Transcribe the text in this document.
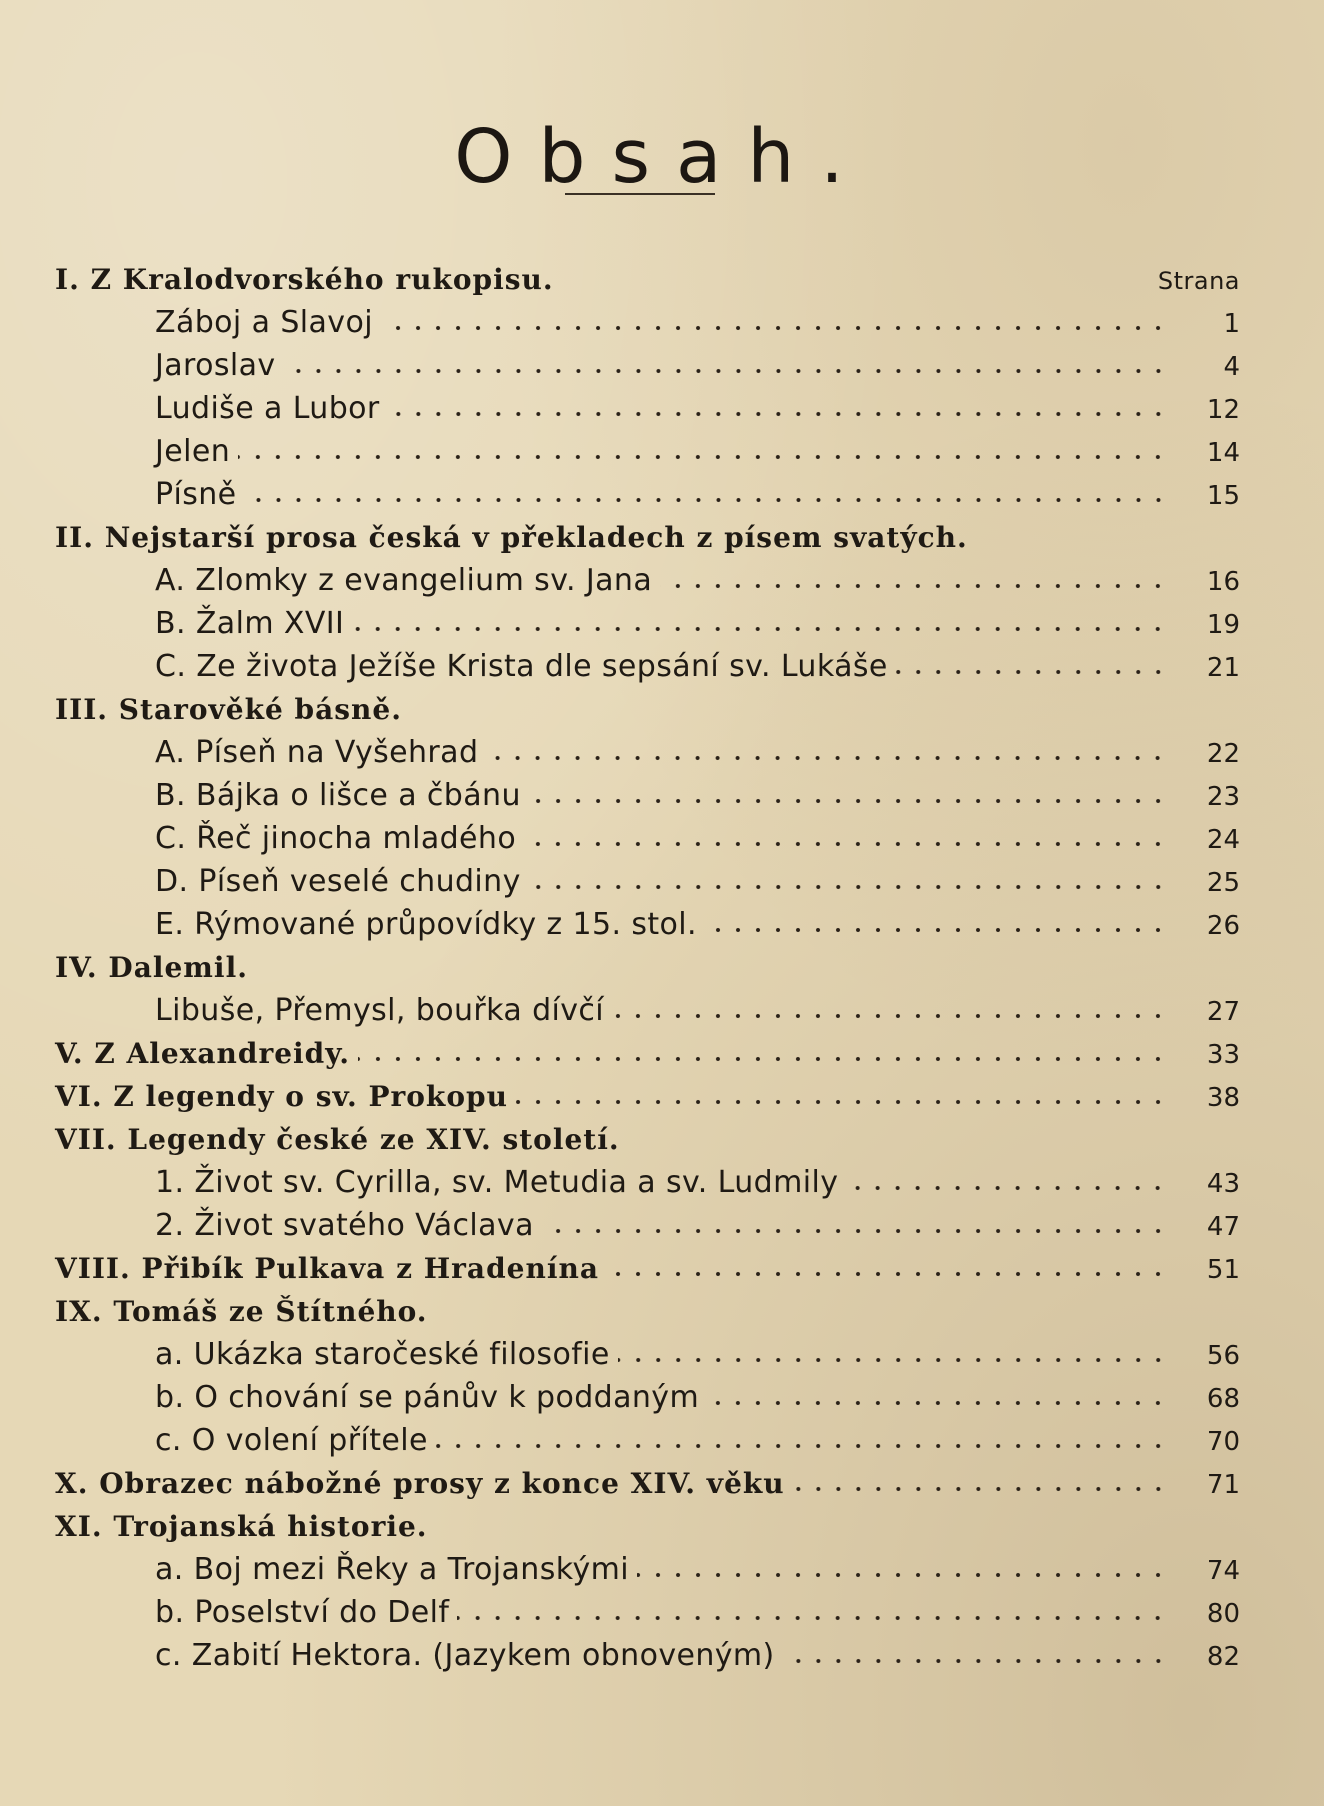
Obsah.
I. Z Kralodvorského rukopisu.	Strana
Záboj a Slavoj	1
Jaroslav	4
Ludiše a Lubor	12
Jelen	14
Písně	15
II. Nejstarší prosa česká v překladech z písem svatých.
A. Zlomky z evangelium sv. Jana	16
B. Žalm XVII	19
C. Ze života Ježíše Krista dle sepsání sv. Lukáše	21
III. Starověké básně.
A. Píseň na Vyšehrad	22
B. Bájka o lišce a čbánu	23
C. Řeč jinocha mladého	24
D. Píseň veselé chudiny	25
E. Rýmované průpovídky z 15. stol.	26
IV. Dalemil.
Libuše, Přemysl, bouřka dívčí	27
V. Z Alexandreidy.	33
VI. Z legendy o sv. Prokopu	38
VII. Legendy české ze XIV. století.
1. Život sv. Cyrilla, sv. Metudia a sv. Ludmily	43
2. Život svatého Václava	47
VIII. Přibík Pulkava z Hradenína	51
IX. Tomáš ze Štítného.
a. Ukázka staročeské filosofie	56
b. O chování se pánův k poddaným	68
c. O volení přítele	70
X. Obrazec nábožné prosy z konce XIV. věku	71
XI. Trojanská historie.
a. Boj mezi Řeky a Trojanskými	74
b. Poselství do Delf	80
c. Zabití Hektora. (Jazykem obnoveným)	82
